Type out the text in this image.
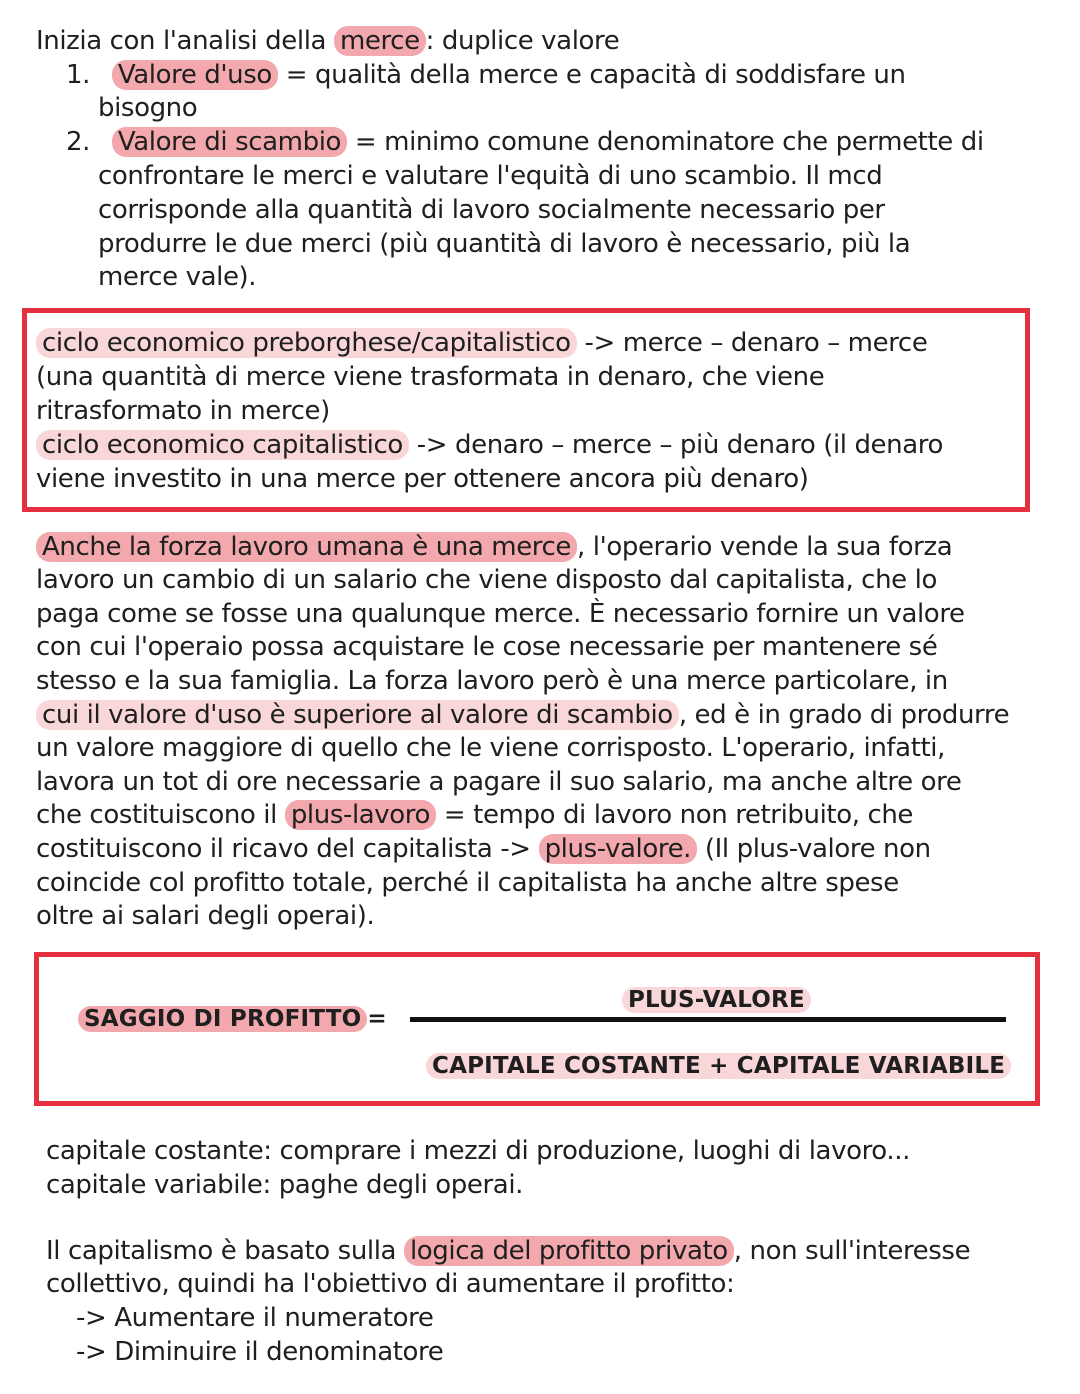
Inizia con l'analisi della merce : duplice valore
1. Valore d'uso = qualità della merce e capacità di soddisfare un
bisogno
2. Valore di scambio = minimo comune denominatore che permette di
confrontare le merci e valutare l'equità di uno scambio. Il mcd
corrisponde alla quantità di lavoro socialmente necessario per
produrre le due merci (più quantità di lavoro è necessario, più la
merce vale).
ciclo economico preborghese/capitalistico -> merce – denaro – merce
(una quantità di merce viene trasformata in denaro, che viene
ritrasformato in merce)
ciclo economico capitalistico -> denaro – merce – più denaro (il denaro
viene investito in una merce per ottenere ancora più denaro)
Anche la forza lavoro umana è una merce , l'operario vende la sua forza
lavoro un cambio di un salario che viene disposto dal capitalista, che lo
paga come se fosse una qualunque merce. È necessario fornire un valore
con cui l'operaio possa acquistare le cose necessarie per mantenere sé
stesso e la sua famiglia. La forza lavoro però è una merce particolare, in
cui il valore d'uso è superiore al valore di scambio , ed è in grado di produrre
un valore maggiore di quello che le viene corrisposto. L'operario, infatti,
lavora un tot di ore necessarie a pagare il suo salario, ma anche altre ore
che costituiscono il plus-lavoro = tempo di lavoro non retribuito, che
costituiscono il ricavo del capitalista -> plus-valore. (Il plus-valore non
coincide col profitto totale, perché il capitalista ha anche altre spese
oltre ai salari degli operai).
SAGGIO DI PROFITTO =
PLUS-VALORE
CAPITALE COSTANTE + CAPITALE VARIABILE
capitale costante: comprare i mezzi di produzione, luoghi di lavoro...
capitale variabile: paghe degli operai.
Il capitalismo è basato sulla logica del profitto privato , non sull'interesse
collettivo, quindi ha l'obiettivo di aumentare il profitto:
-> Aumentare il numeratore
-> Diminuire il denominatore
